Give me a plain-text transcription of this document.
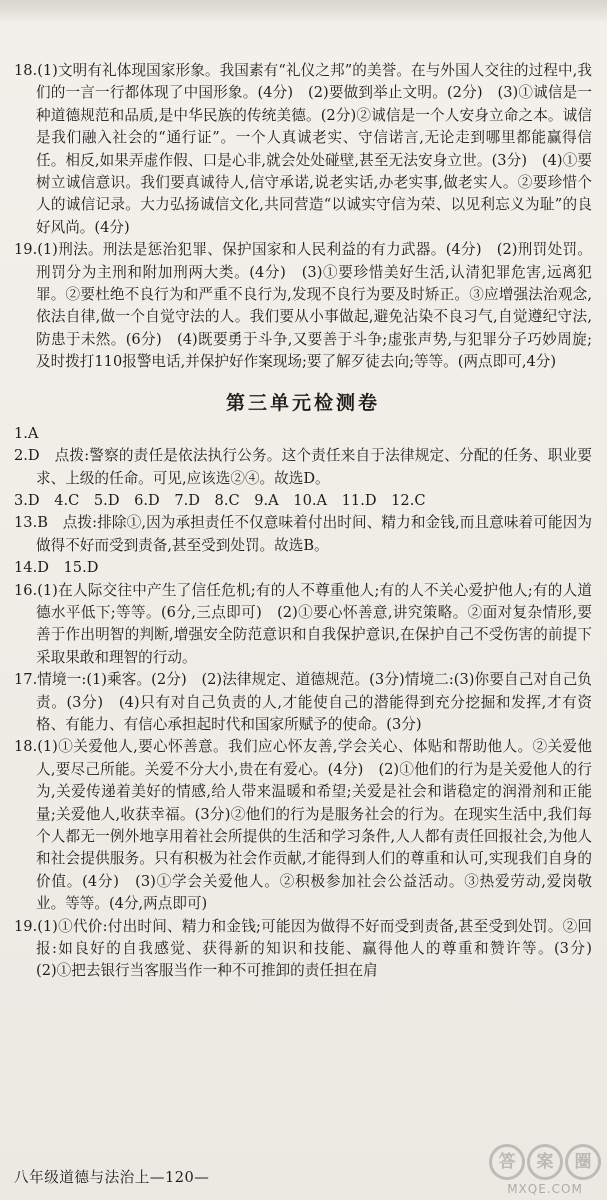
18.(1)文明有礼体现国家形象。我国素有“礼仪之邦”的美誉。在与外国人交往的过程中,我们的一言一行都体现了中国形象。(4分)　(2)要做到举止文明。(2分)　(3)①诚信是一种道德规范和品质,是中华民族的传统美德。(2分)②诚信是一个人安身立命之本。诚信是我们融入社会的“通行证”。一个人真诚老实、守信诺言,无论走到哪里都能赢得信任。相反,如果弄虚作假、口是心非,就会处处碰壁,甚至无法安身立世。(3分)　(4)①要树立诚信意识。我们要真诚待人,信守承诺,说老实话,办老实事,做老实人。②要珍惜个人的诚信记录。大力弘扬诚信文化,共同营造“以诚实守信为荣、以见利忘义为耻”的良好风尚。(4分)

19.(1)刑法。刑法是惩治犯罪、保护国家和人民利益的有力武器。(4分)　(2)刑罚处罚。刑罚分为主刑和附加刑两大类。(4分)　(3)①要珍惜美好生活,认清犯罪危害,远离犯罪。②要杜绝不良行为和严重不良行为,发现不良行为要及时矫正。③应增强法治观念,依法自律,做一个自觉守法的人。我们要从小事做起,避免沾染不良习气,自觉遵纪守法,防患于未然。(6分)　(4)既要勇于斗争,又要善于斗争;虚张声势,与犯罪分子巧妙周旋;及时拨打110报警电话,并保护好作案现场;要了解歹徒去向;等等。(两点即可,4分)

第三单元检测卷

1.A

2.D　点拨:警察的责任是依法执行公务。这个责任来自于法律规定、分配的任务、职业要求、上级的任命。可见,应该选②④。故选D。

3.D　4.C　5.D　6.D　7.D　8.C　9.A　10.A　11.D　12.C

13.B　点拨:排除①,因为承担责任不仅意味着付出时间、精力和金钱,而且意味着可能因为做得不好而受到责备,甚至受到处罚。故选B。

14.D　15.D

16.(1)在人际交往中产生了信任危机;有的人不尊重他人;有的人不关心爱护他人;有的人道德水平低下;等等。(6分,三点即可)　(2)①要心怀善意,讲究策略。②面对复杂情形,要善于作出明智的判断,增强安全防范意识和自我保护意识,在保护自己不受伤害的前提下采取果敢和理智的行动。

17.情境一:(1)乘客。(2分)　(2)法律规定、道德规范。(3分)情境二:(3)你要自己对自己负责。(3分)　(4)只有对自己负责的人,才能使自己的潜能得到充分挖掘和发挥,才有资格、有能力、有信心承担起时代和国家所赋予的使命。(3分)

18.(1)①关爱他人,要心怀善意。我们应心怀友善,学会关心、体贴和帮助他人。②关爱他人,要尽己所能。关爱不分大小,贵在有爱心。(4分)　(2)①他们的行为是关爱他人的行为,关爱传递着美好的情感,给人带来温暖和希望;关爱是社会和谐稳定的润滑剂和正能量;关爱他人,收获幸福。(3分)②他们的行为是服务社会的行为。在现实生活中,我们每个人都无一例外地享用着社会所提供的生活和学习条件,人人都有责任回报社会,为他人和社会提供服务。只有积极为社会作贡献,才能得到人们的尊重和认可,实现我们自身的价值。(4分)　(3)①学会关爱他人。②积极参加社会公益活动。③热爱劳动,爱岗敬业。等等。(4分,两点即可)

19.(1)①代价:付出时间、精力和金钱;可能因为做得不好而受到责备,甚至受到处罚。②回报:如良好的自我感觉、获得新的知识和技能、赢得他人的尊重和赞许等。(3分)　(2)①把去银行当客服当作一种不可推卸的责任担在肩

八年级道德与法治上—120—
答	案	圈
MXQE.COM
